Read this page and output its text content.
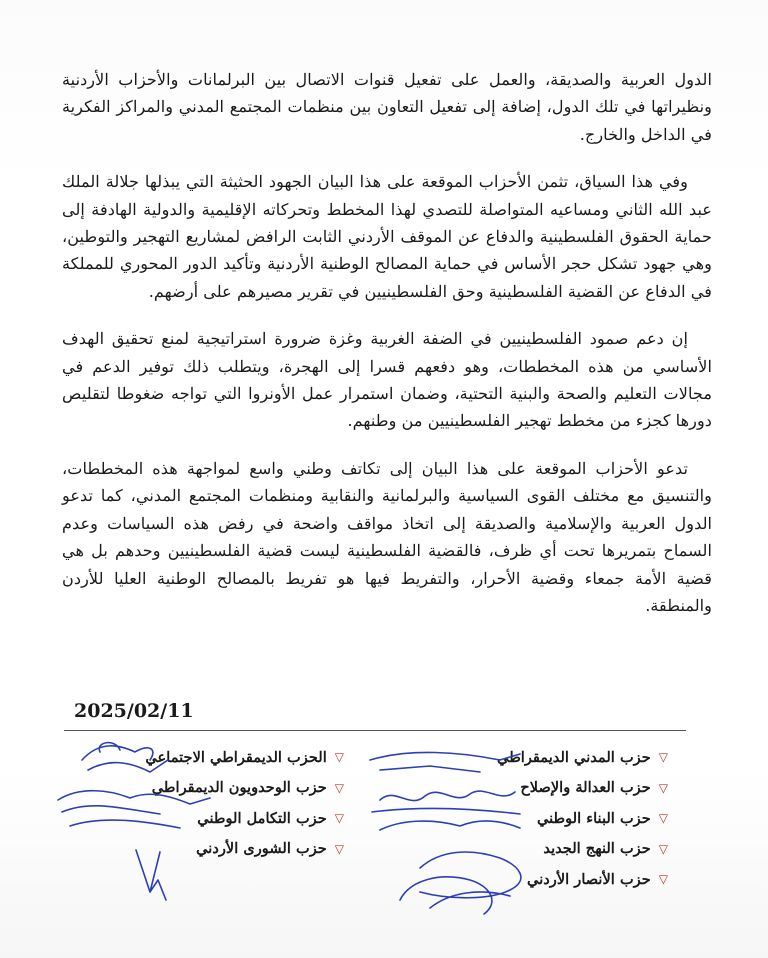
الدول العربية والصديقة، والعمل على تفعيل قنوات الاتصال بين البرلمانات والأحزاب الأردنية ونظيراتها في تلك الدول، إضافة إلى تفعيل التعاون بين منظمات المجتمع المدني والمراكز الفكرية في الداخل والخارج.

وفي هذا السياق، تثمن الأحزاب الموقعة على هذا البيان الجهود الحثيثة التي يبذلها جلالة الملك عبد الله الثاني ومساعيه المتواصلة للتصدي لهذا المخطط وتحركاته الإقليمية والدولية الهادفة إلى حماية الحقوق الفلسطينية والدفاع عن الموقف الأردني الثابت الرافض لمشاريع التهجير والتوطين، وهي جهود تشكل حجر الأساس في حماية المصالح الوطنية الأردنية وتأكيد الدور المحوري للمملكة في الدفاع عن القضية الفلسطينية وحق الفلسطينيين في تقرير مصيرهم على أرضهم.

إن دعم صمود الفلسطينيين في الضفة الغربية وغزة ضرورة استراتيجية لمنع تحقيق الهدف الأساسي من هذه المخططات، وهو دفعهم قسرا إلى الهجرة، ويتطلب ذلك توفير الدعم في مجالات التعليم والصحة والبنية التحتية، وضمان استمرار عمل الأونروا التي تواجه ضغوطا لتقليص دورها كجزء من مخطط تهجير الفلسطينيين من وطنهم.

تدعو الأحزاب الموقعة على هذا البيان إلى تكاتف وطني واسع لمواجهة هذه المخططات، والتنسيق مع مختلف القوى السياسية والبرلمانية والنقابية ومنظمات المجتمع المدني، كما تدعو الدول العربية والإسلامية والصديقة إلى اتخاذ مواقف واضحة في رفض هذه السياسات وعدم السماح بتمريرها تحت أي ظرف، فالقضية الفلسطينية ليست قضية الفلسطينيين وحدهم بل هي قضية الأمة جمعاء وقضية الأحرار، والتفريط فيها هو تفريط بالمصالح الوطنية العليا للأردن والمنطقة.

2025/02/11
▽
حزب المدني الديمقراطي
▽
حزب العدالة والإصلاح
▽
حزب البناء الوطني
▽
حزب النهج الجديد
▽
حزب الأنصار الأردني
▽
الحزب الديمقراطي الاجتماعي
▽
حزب الوحدويون الديمقراطي
▽
حزب التكامل الوطني
▽
حزب الشورى الأردني
